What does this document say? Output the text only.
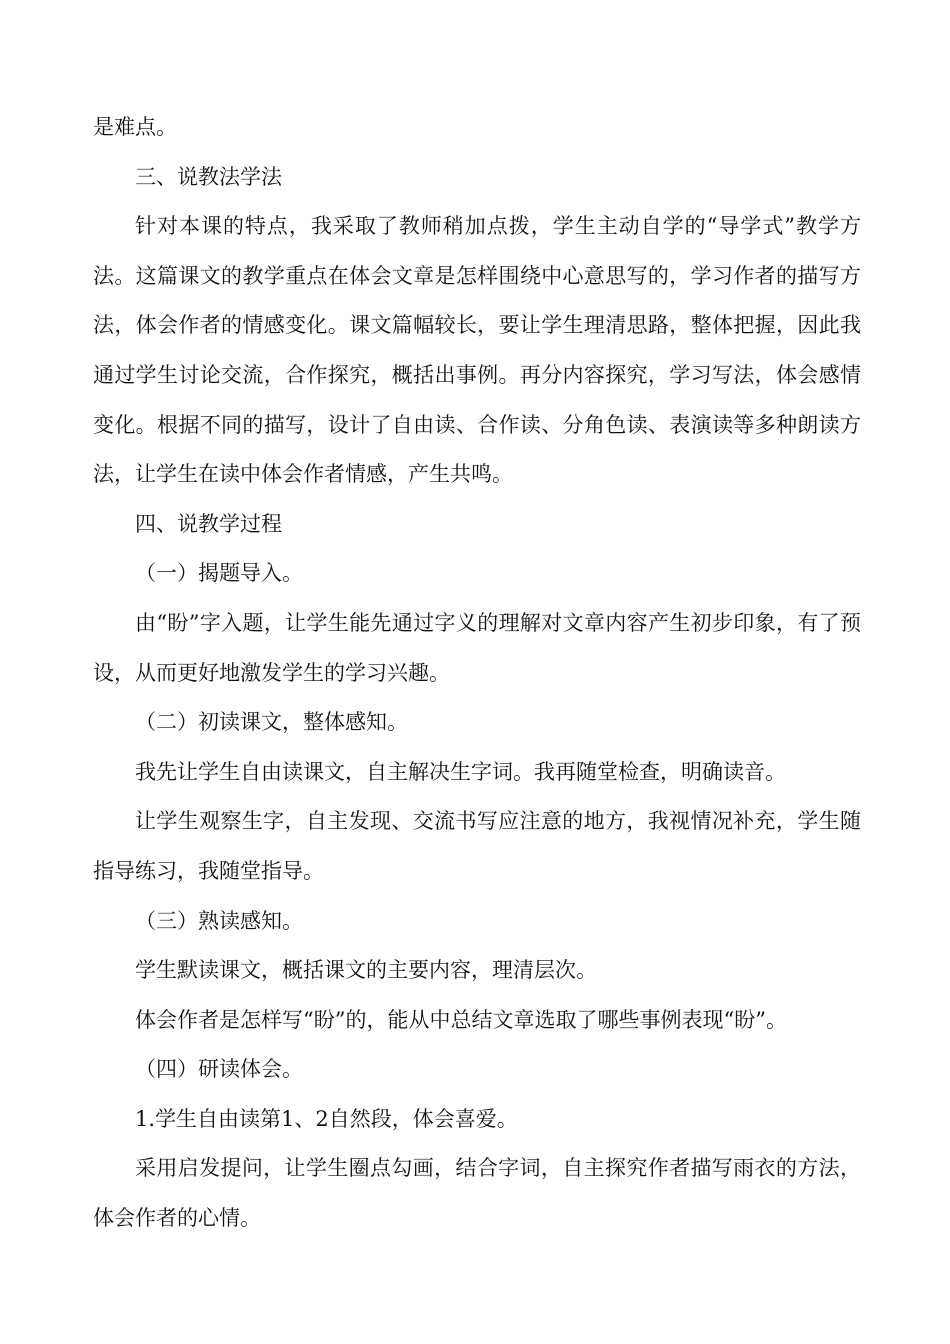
是难点。

三、说教法学法

针对本课的特点，我采取了教师稍加点拨，学生主动自学的“导学式”教学方法。这篇课文的教学重点在体会文章是怎样围绕中心意思写的，学习作者的描写方法，体会作者的情感变化。课文篇幅较长，要让学生理清思路，整体把握，因此我通过学生讨论交流，合作探究，概括出事例。再分内容探究，学习写法，体会感情变化。根据不同的描写，设计了自由读、合作读、分角色读、表演读等多种朗读方法，让学生在读中体会作者情感，产生共鸣。

四、说教学过程

（一）揭题导入。

由“盼”字入题，让学生能先通过字义的理解对文章内容产生初步印象，有了预设，从而更好地激发学生的学习兴趣。

（二）初读课文，整体感知。

我先让学生自由读课文，自主解决生字词。我再随堂检查，明确读音。

让学生观察生字，自主发现、交流书写应注意的地方，我视情况补充，学生随指导练习，我随堂指导。

（三）熟读感知。

学生默读课文，概括课文的主要内容，理清层次。

体会作者是怎样写“盼”的，能从中总结文章选取了哪些事例表现“盼”。

（四）研读体会。

1.学生自由读第1、2自然段，体会喜爱。

采用启发提问，让学生圈点勾画，结合字词，自主探究作者描写雨衣的方法，体会作者的心情。
